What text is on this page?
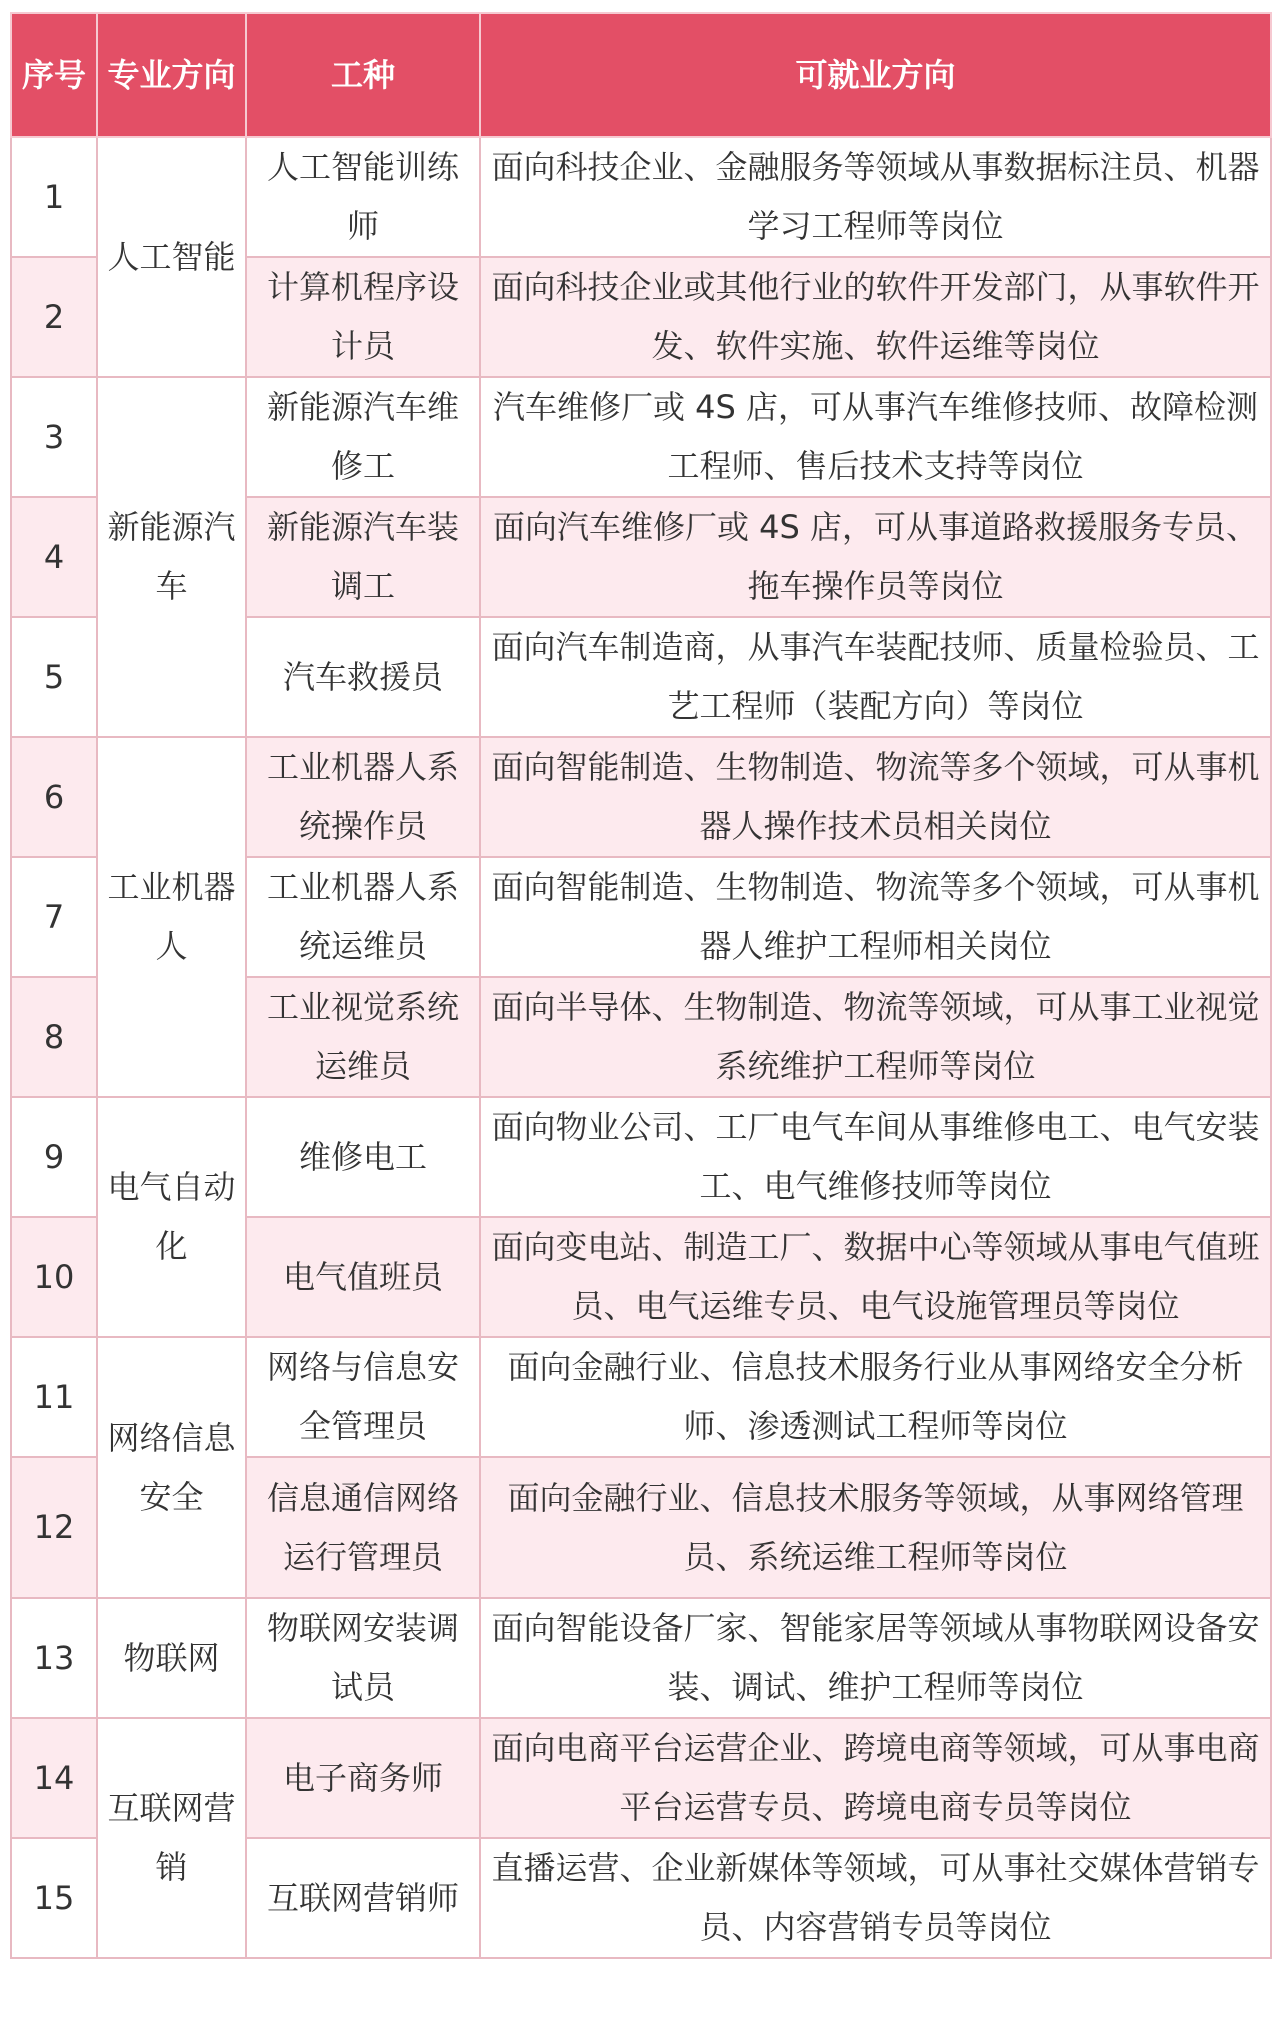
序号	专业方向	工种	可就业方向
1	人工智能	人工智能训练师	面向科技企业、金融服务等领域从事数据标注员、机器学习工程师等岗位
2		计算机程序设计员	面向科技企业或其他行业的软件开发部门，从事软件开发、软件实施、软件运维等岗位
3	新能源汽车	新能源汽车维修工	汽车维修厂或 4S 店，可从事汽车维修技师、故障检测工程师、售后技术支持等岗位
4		新能源汽车装调工	面向汽车维修厂或 4S 店，可从事道路救援服务专员、拖车操作员等岗位
5		汽车救援员	面向汽车制造商，从事汽车装配技师、质量检验员、工艺工程师（装配方向）等岗位
6	工业机器人	工业机器人系统操作员	面向智能制造、生物制造、物流等多个领域，可从事机器人操作技术员相关岗位
7		工业机器人系统运维员	面向智能制造、生物制造、物流等多个领域，可从事机器人维护工程师相关岗位
8		工业视觉系统运维员	面向半导体、生物制造、物流等领域，可从事工业视觉系统维护工程师等岗位
9	电气自动化	维修电工	面向物业公司、工厂电气车间从事维修电工、电气安装工、电气维修技师等岗位
10		电气值班员	面向变电站、制造工厂、数据中心等领域从事电气值班员、电气运维专员、电气设施管理员等岗位
11	网络信息安全	网络与信息安全管理员	面向金融行业、信息技术服务行业从事网络安全分析师、渗透测试工程师等岗位
12		信息通信网络运行管理员	面向金融行业、信息技术服务等领域，从事网络管理员、系统运维工程师等岗位
13	物联网	物联网安装调试员	面向智能设备厂家、智能家居等领域从事物联网设备安装、调试、维护工程师等岗位
14	互联网营销	电子商务师	面向电商平台运营企业、跨境电商等领域，可从事电商平台运营专员、跨境电商专员等岗位
15		互联网营销师	直播运营、企业新媒体等领域，可从事社交媒体营销专员、内容营销专员等岗位
